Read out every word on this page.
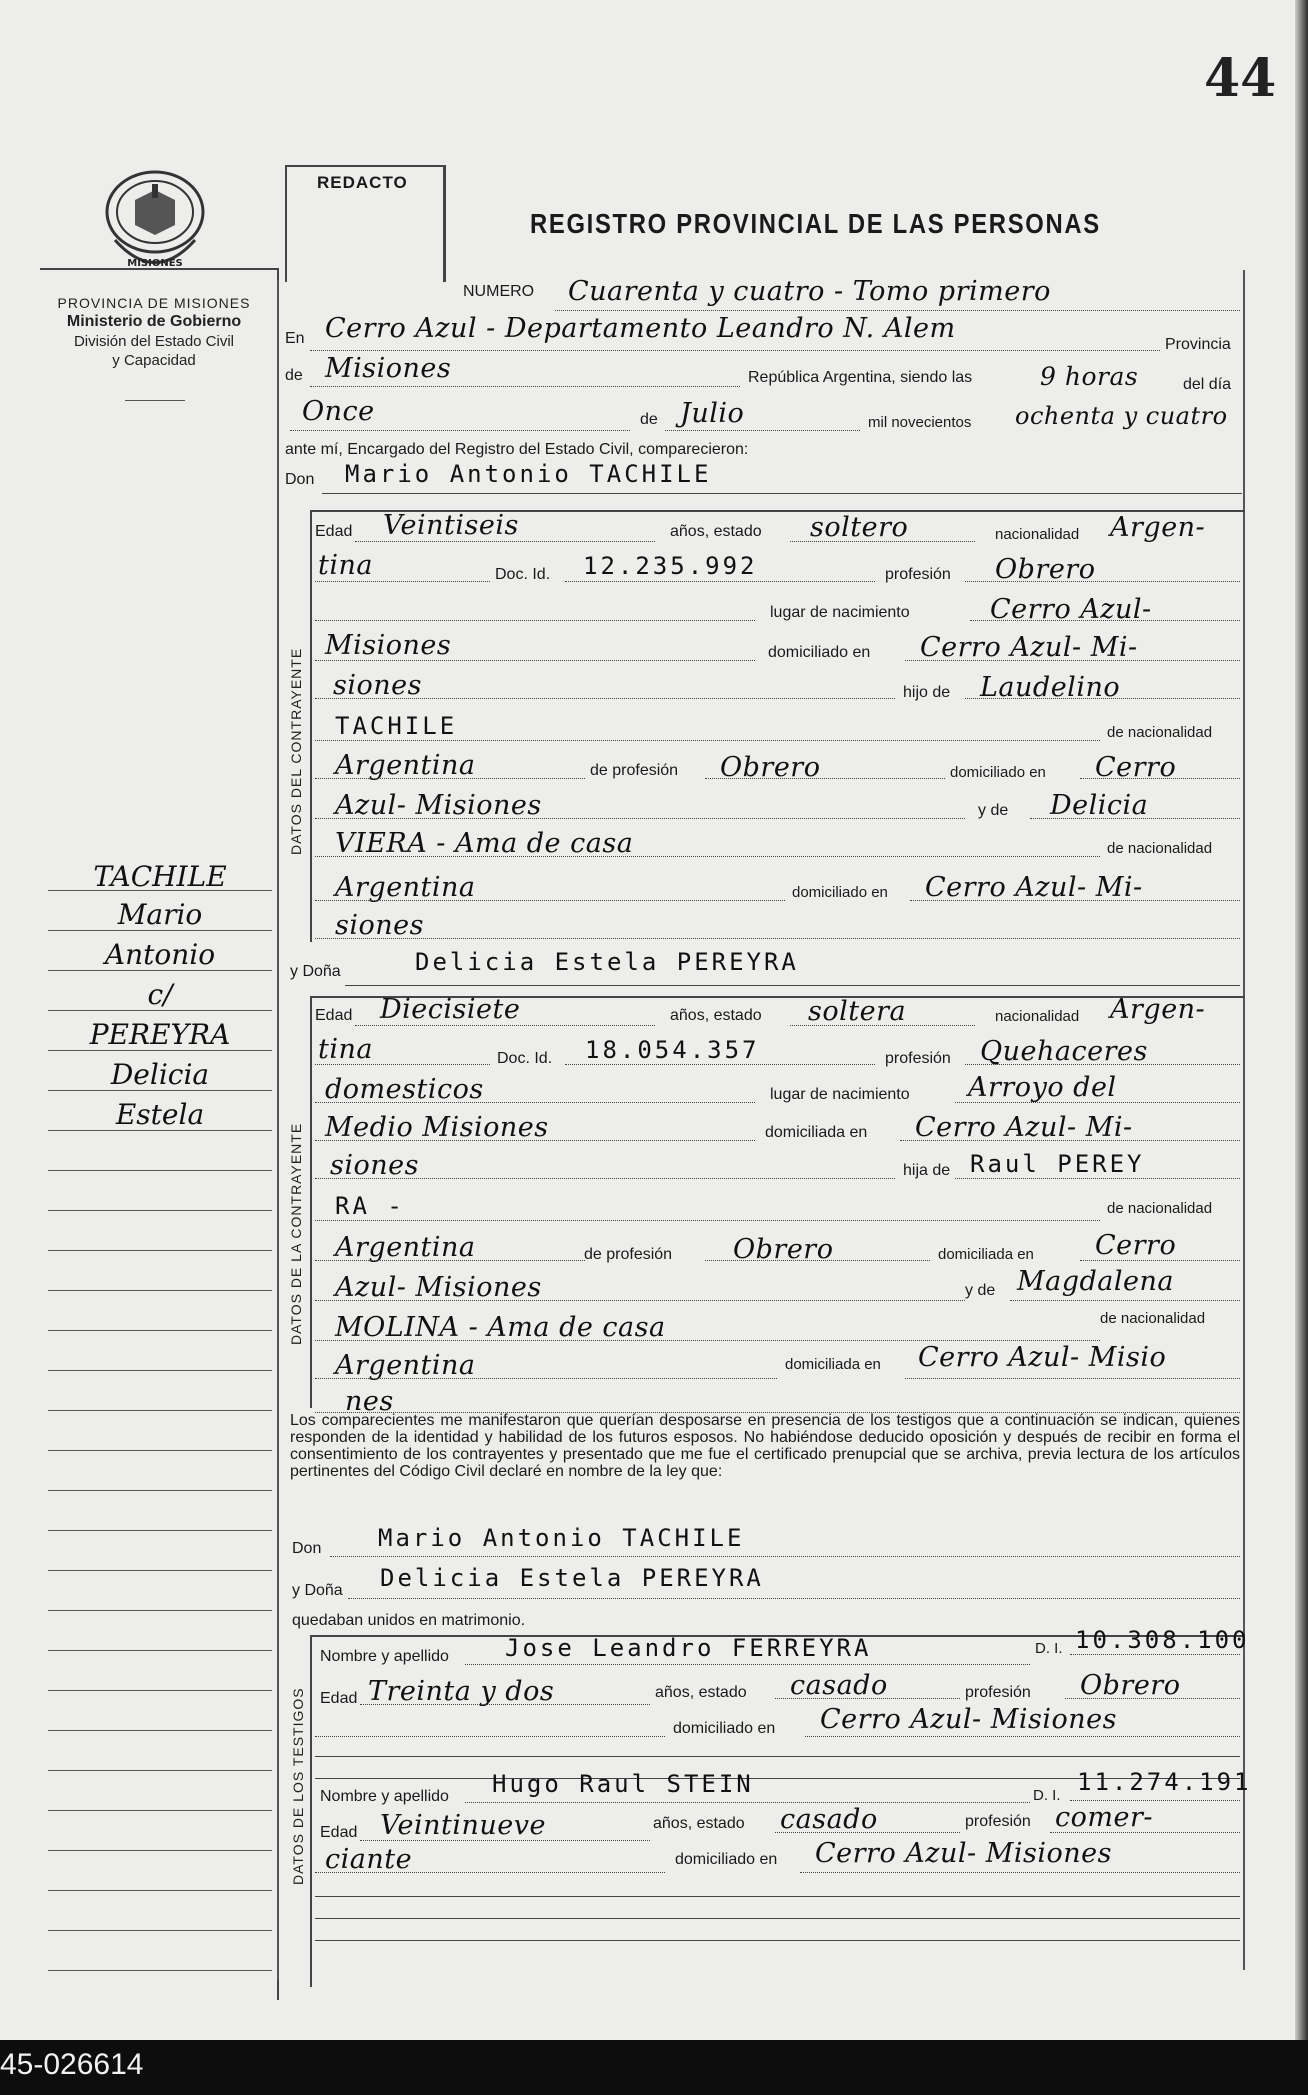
44
MISIONES
PROVINCIA DE MISIONES
Ministerio de Gobierno
División del Estado Civil
y Capacidad
TACHILE
Mario
Antonio
c/
PEREYRA
Delicia
Estela
REDACTO
REGISTRO PROVINCIAL DE LAS PERSONAS
NUMERO Cuarenta y cuatro - Tomo primero
En Cerro Azul - Departamento Leandro N. Alem
Provincia
de Misiones	República Argentina, siendo las	9 horas	del día
Once	de Julio	mil novecientos ochenta y cuatro
ante mí, Encargado del Registro del Estado Civil, comparecieron:
Don Mario Antonio TACHILE
DATOS DEL CONTRAYENTE
Edad Veintiseis	años, estado soltero	nacionalidad Argen-
tina	Doc. Id. 12.235.992	profesión Obrero
lugar de nacimiento	Cerro Azul-
Misiones	domiciliado en Cerro Azul- Mi-
siones	hijo de Laudelino
TACHILE	de nacionalidad
Argentina	de profesión Obrero	domiciliado en Cerro
Azul- Misiones	y de Delicia
VIERA - Ama de casa	de nacionalidad
Argentina	domiciliado en Cerro Azul- Mi-
siones
y Doña	Delicia Estela PEREYRA
DATOS DE LA CONTRAYENTE
Edad Diecisiete	años, estado soltera	nacionalidad Argen-
tina	Doc. Id. 18.054.357	profesión Quehaceres
domesticos	lugar de nacimiento Arroyo del
Medio Misiones	domiciliada en Cerro Azul- Mi-
siones	hija de Raul PEREY
RA -	de nacionalidad
Argentina	de profesión Obrero	domiciliada en Cerro
Azul- Misiones	y de Magdalena
MOLINA - Ama de casa	de nacionalidad
Argentina	domiciliada en Cerro Azul- Misio
nes
Los comparecientes me manifestaron que querían desposarse en presencia de los testigos que a continuación se indican, quienes responden de la identidad y habilidad de los futuros esposos. No habiéndose deducido oposición y después de recibir en forma el consentimiento de los contrayentes y presentado que me fue el certificado prenupcial que se archiva, previa lectura de los artículos pertinentes del Código Civil declaré en nombre de la ley que:
Don Mario Antonio TACHILE
y Doña Delicia Estela PEREYRA
quedaban unidos en matrimonio.
DATOS DE LOS TESTIGOS
Nombre y apellido Jose Leandro FERREYRA	D. I. 10.308.100
Edad Treinta y dos	años, estado casado	profesión Obrero
domiciliado en Cerro Azul- Misiones
Nombre y apellido Hugo Raul STEIN	D. I. 11.274.191
Edad Veintinueve	años, estado casado	profesión comer-
ciante	domiciliado en Cerro Azul- Misiones
45-026614
